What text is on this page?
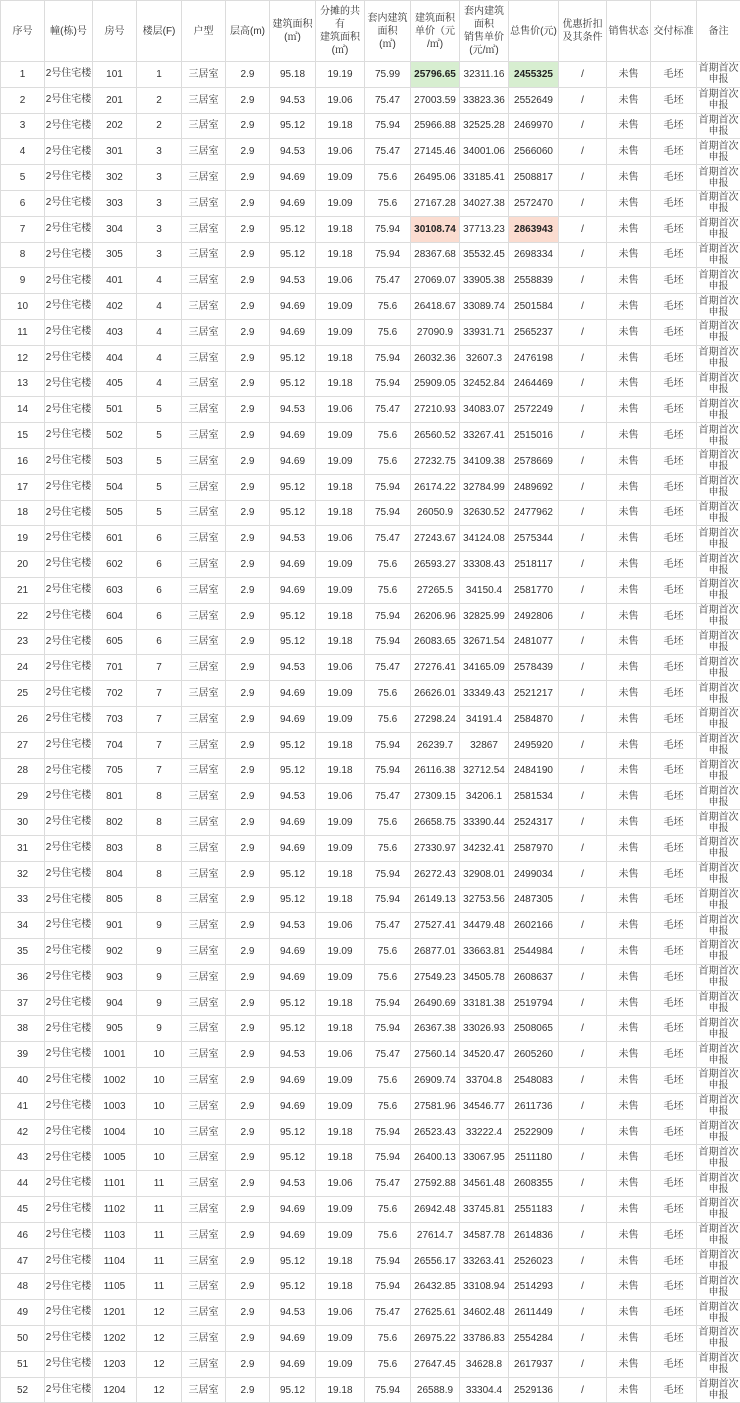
序号	幢(栋)号	房号	楼层(F)	户型	层高(m)	建筑面积
(㎡)	分摊的共
有
建筑面积
(㎡)	套内建筑
面积
(㎡)	建筑面积
单价（元
/㎡)	套内建筑
面积
销售单价
(元/㎡)	总售价(元)	优惠折扣
及其条件	销售状态	交付标准	备注
1	2号住宅楼	101	1	三居室	2.9	95.18	19.19	75.99	25796.65	32311.16	2455325	/	未售	毛坯	首期首次申报
2	2号住宅楼	201	2	三居室	2.9	94.53	19.06	75.47	27003.59	33823.36	2552649	/	未售	毛坯	首期首次申报
3	2号住宅楼	202	2	三居室	2.9	95.12	19.18	75.94	25966.88	32525.28	2469970	/	未售	毛坯	首期首次申报
4	2号住宅楼	301	3	三居室	2.9	94.53	19.06	75.47	27145.46	34001.06	2566060	/	未售	毛坯	首期首次申报
5	2号住宅楼	302	3	三居室	2.9	94.69	19.09	75.6	26495.06	33185.41	2508817	/	未售	毛坯	首期首次申报
6	2号住宅楼	303	3	三居室	2.9	94.69	19.09	75.6	27167.28	34027.38	2572470	/	未售	毛坯	首期首次申报
7	2号住宅楼	304	3	三居室	2.9	95.12	19.18	75.94	30108.74	37713.23	2863943	/	未售	毛坯	首期首次申报
8	2号住宅楼	305	3	三居室	2.9	95.12	19.18	75.94	28367.68	35532.45	2698334	/	未售	毛坯	首期首次申报
9	2号住宅楼	401	4	三居室	2.9	94.53	19.06	75.47	27069.07	33905.38	2558839	/	未售	毛坯	首期首次申报
10	2号住宅楼	402	4	三居室	2.9	94.69	19.09	75.6	26418.67	33089.74	2501584	/	未售	毛坯	首期首次申报
11	2号住宅楼	403	4	三居室	2.9	94.69	19.09	75.6	27090.9	33931.71	2565237	/	未售	毛坯	首期首次申报
12	2号住宅楼	404	4	三居室	2.9	95.12	19.18	75.94	26032.36	32607.3	2476198	/	未售	毛坯	首期首次申报
13	2号住宅楼	405	4	三居室	2.9	95.12	19.18	75.94	25909.05	32452.84	2464469	/	未售	毛坯	首期首次申报
14	2号住宅楼	501	5	三居室	2.9	94.53	19.06	75.47	27210.93	34083.07	2572249	/	未售	毛坯	首期首次申报
15	2号住宅楼	502	5	三居室	2.9	94.69	19.09	75.6	26560.52	33267.41	2515016	/	未售	毛坯	首期首次申报
16	2号住宅楼	503	5	三居室	2.9	94.69	19.09	75.6	27232.75	34109.38	2578669	/	未售	毛坯	首期首次申报
17	2号住宅楼	504	5	三居室	2.9	95.12	19.18	75.94	26174.22	32784.99	2489692	/	未售	毛坯	首期首次申报
18	2号住宅楼	505	5	三居室	2.9	95.12	19.18	75.94	26050.9	32630.52	2477962	/	未售	毛坯	首期首次申报
19	2号住宅楼	601	6	三居室	2.9	94.53	19.06	75.47	27243.67	34124.08	2575344	/	未售	毛坯	首期首次申报
20	2号住宅楼	602	6	三居室	2.9	94.69	19.09	75.6	26593.27	33308.43	2518117	/	未售	毛坯	首期首次申报
21	2号住宅楼	603	6	三居室	2.9	94.69	19.09	75.6	27265.5	34150.4	2581770	/	未售	毛坯	首期首次申报
22	2号住宅楼	604	6	三居室	2.9	95.12	19.18	75.94	26206.96	32825.99	2492806	/	未售	毛坯	首期首次申报
23	2号住宅楼	605	6	三居室	2.9	95.12	19.18	75.94	26083.65	32671.54	2481077	/	未售	毛坯	首期首次申报
24	2号住宅楼	701	7	三居室	2.9	94.53	19.06	75.47	27276.41	34165.09	2578439	/	未售	毛坯	首期首次申报
25	2号住宅楼	702	7	三居室	2.9	94.69	19.09	75.6	26626.01	33349.43	2521217	/	未售	毛坯	首期首次申报
26	2号住宅楼	703	7	三居室	2.9	94.69	19.09	75.6	27298.24	34191.4	2584870	/	未售	毛坯	首期首次申报
27	2号住宅楼	704	7	三居室	2.9	95.12	19.18	75.94	26239.7	32867	2495920	/	未售	毛坯	首期首次申报
28	2号住宅楼	705	7	三居室	2.9	95.12	19.18	75.94	26116.38	32712.54	2484190	/	未售	毛坯	首期首次申报
29	2号住宅楼	801	8	三居室	2.9	94.53	19.06	75.47	27309.15	34206.1	2581534	/	未售	毛坯	首期首次申报
30	2号住宅楼	802	8	三居室	2.9	94.69	19.09	75.6	26658.75	33390.44	2524317	/	未售	毛坯	首期首次申报
31	2号住宅楼	803	8	三居室	2.9	94.69	19.09	75.6	27330.97	34232.41	2587970	/	未售	毛坯	首期首次申报
32	2号住宅楼	804	8	三居室	2.9	95.12	19.18	75.94	26272.43	32908.01	2499034	/	未售	毛坯	首期首次申报
33	2号住宅楼	805	8	三居室	2.9	95.12	19.18	75.94	26149.13	32753.56	2487305	/	未售	毛坯	首期首次申报
34	2号住宅楼	901	9	三居室	2.9	94.53	19.06	75.47	27527.41	34479.48	2602166	/	未售	毛坯	首期首次申报
35	2号住宅楼	902	9	三居室	2.9	94.69	19.09	75.6	26877.01	33663.81	2544984	/	未售	毛坯	首期首次申报
36	2号住宅楼	903	9	三居室	2.9	94.69	19.09	75.6	27549.23	34505.78	2608637	/	未售	毛坯	首期首次申报
37	2号住宅楼	904	9	三居室	2.9	95.12	19.18	75.94	26490.69	33181.38	2519794	/	未售	毛坯	首期首次申报
38	2号住宅楼	905	9	三居室	2.9	95.12	19.18	75.94	26367.38	33026.93	2508065	/	未售	毛坯	首期首次申报
39	2号住宅楼	1001	10	三居室	2.9	94.53	19.06	75.47	27560.14	34520.47	2605260	/	未售	毛坯	首期首次申报
40	2号住宅楼	1002	10	三居室	2.9	94.69	19.09	75.6	26909.74	33704.8	2548083	/	未售	毛坯	首期首次申报
41	2号住宅楼	1003	10	三居室	2.9	94.69	19.09	75.6	27581.96	34546.77	2611736	/	未售	毛坯	首期首次申报
42	2号住宅楼	1004	10	三居室	2.9	95.12	19.18	75.94	26523.43	33222.4	2522909	/	未售	毛坯	首期首次申报
43	2号住宅楼	1005	10	三居室	2.9	95.12	19.18	75.94	26400.13	33067.95	2511180	/	未售	毛坯	首期首次申报
44	2号住宅楼	1101	11	三居室	2.9	94.53	19.06	75.47	27592.88	34561.48	2608355	/	未售	毛坯	首期首次申报
45	2号住宅楼	1102	11	三居室	2.9	94.69	19.09	75.6	26942.48	33745.81	2551183	/	未售	毛坯	首期首次申报
46	2号住宅楼	1103	11	三居室	2.9	94.69	19.09	75.6	27614.7	34587.78	2614836	/	未售	毛坯	首期首次申报
47	2号住宅楼	1104	11	三居室	2.9	95.12	19.18	75.94	26556.17	33263.41	2526023	/	未售	毛坯	首期首次申报
48	2号住宅楼	1105	11	三居室	2.9	95.12	19.18	75.94	26432.85	33108.94	2514293	/	未售	毛坯	首期首次申报
49	2号住宅楼	1201	12	三居室	2.9	94.53	19.06	75.47	27625.61	34602.48	2611449	/	未售	毛坯	首期首次申报
50	2号住宅楼	1202	12	三居室	2.9	94.69	19.09	75.6	26975.22	33786.83	2554284	/	未售	毛坯	首期首次申报
51	2号住宅楼	1203	12	三居室	2.9	94.69	19.09	75.6	27647.45	34628.8	2617937	/	未售	毛坯	首期首次申报
52	2号住宅楼	1204	12	三居室	2.9	95.12	19.18	75.94	26588.9	33304.4	2529136	/	未售	毛坯	首期首次申报
